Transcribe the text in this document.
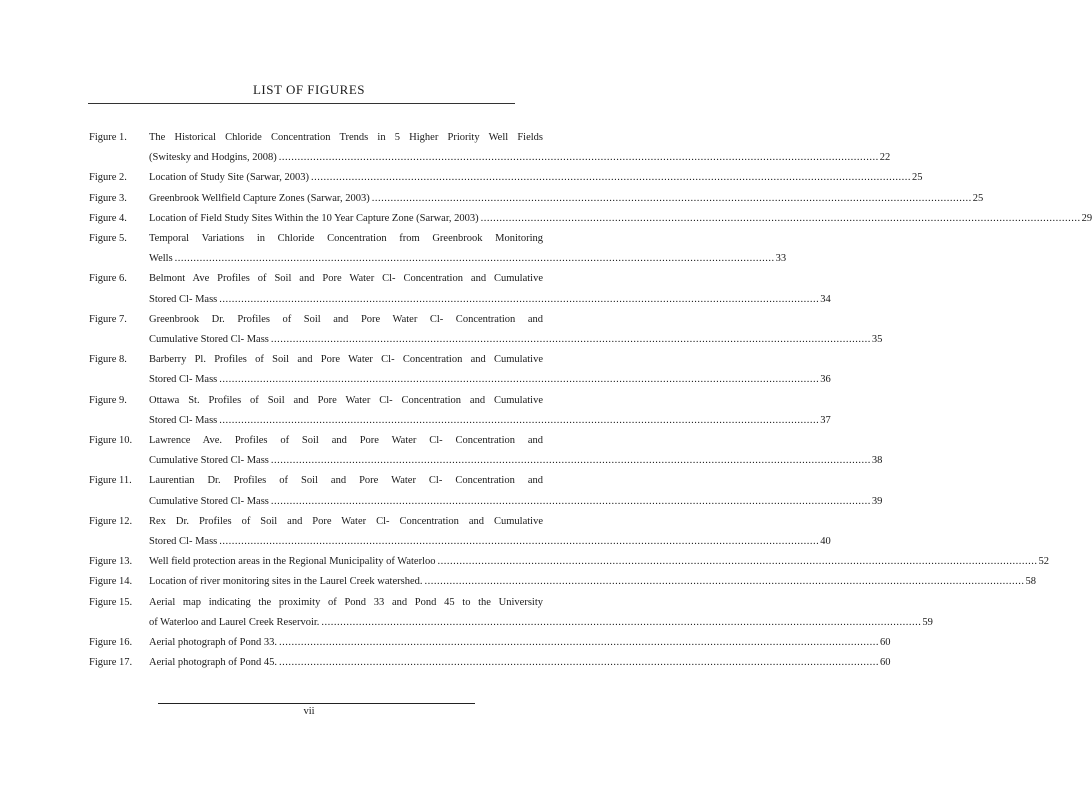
LIST OF FIGURES
Figure 1.	The Historical Chloride Concentration Trends in 5 Higher Priority Well Fields
(Switesky and Hodgins, 2008) .....	22
Figure 2.	Location of Study Site (Sarwar, 2003) .....	25
Figure 3.	Greenbrook Wellfield Capture Zones (Sarwar, 2003) .....	25
Figure 4.	Location of Field Study Sites Within the 10 Year Capture Zone (Sarwar, 2003) .....	29
Figure 5.	Temporal Variations in Chloride Concentration from Greenbrook Monitoring
Wells .....	33
Figure 6.	Belmont Ave Profiles of Soil and Pore Water Cl- Concentration and Cumulative
Stored Cl- Mass .....	34
Figure 7.	Greenbrook Dr. Profiles of Soil and Pore Water Cl- Concentration and
Cumulative Stored Cl- Mass .....	35
Figure 8.	Barberry Pl. Profiles of Soil and Pore Water Cl- Concentration and Cumulative
Stored Cl- Mass .....	36
Figure 9.	Ottawa St. Profiles of Soil and Pore Water Cl- Concentration and Cumulative
Stored Cl- Mass .....	37
Figure 10.	Lawrence Ave. Profiles of Soil and Pore Water Cl- Concentration and
Cumulative Stored Cl- Mass .....	38
Figure 11.	Laurentian Dr. Profiles of Soil and Pore Water Cl- Concentration and
Cumulative Stored Cl- Mass .....	39
Figure 12.	Rex Dr. Profiles of Soil and Pore Water Cl- Concentration and Cumulative
Stored Cl- Mass .....	40
Figure 13.	Well field protection areas in the Regional Municipality of Waterloo .....	52
Figure 14.	Location of river monitoring sites in the Laurel Creek watershed. .....	58
Figure 15.	Aerial map indicating the proximity of Pond 33 and Pond 45 to the University
of Waterloo and Laurel Creek Reservoir. .....	59
Figure 16.	Aerial photograph of Pond 33. .....	60
Figure 17.	Aerial photograph of Pond 45. .....	60
vii
